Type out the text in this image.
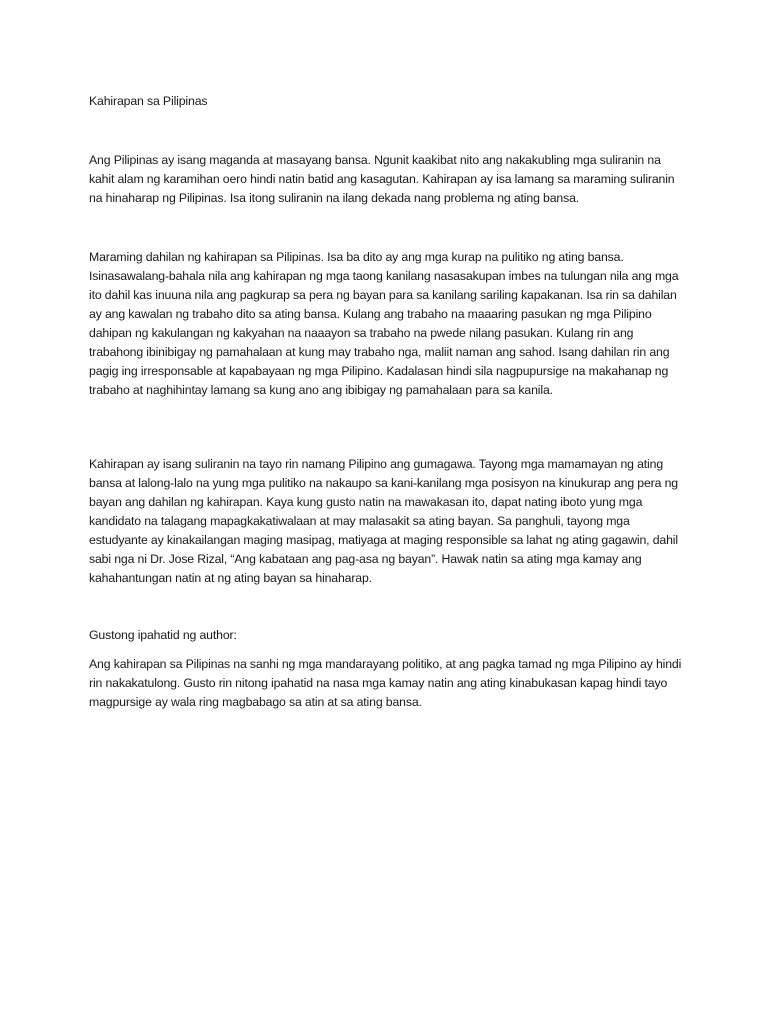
Kahirapan sa Pilipinas

Ang Pilipinas ay isang maganda at masayang bansa. Ngunit kaakibat nito ang nakakubling mga suliranin na kahit alam ng karamihan oero hindi natin batid ang kasagutan. Kahirapan ay isa lamang sa maraming suliranin na hinaharap ng Pilipinas. Isa itong suliranin na ilang dekada nang problema ng ating bansa.

Maraming dahilan ng kahirapan sa Pilipinas. Isa ba dito ay ang mga kurap na pulitiko ng ating bansa. Isinasawalang-bahala nila ang kahirapan ng mga taong kanilang nasasakupan imbes na tulungan nila ang mga ito dahil kas inuuna nila ang pagkurap sa pera ng bayan para sa kanilang sariling kapakanan. Isa rin sa dahilan ay ang kawalan ng trabaho dito sa ating bansa. Kulang ang trabaho na maaaring pasukan ng mga Pilipino dahipan ng kakulangan ng kakyahan na naaayon sa trabaho na pwede nilang pasukan. Kulang rin ang trabahong ibinibigay ng pamahalaan at kung may trabaho nga, maliit naman ang sahod. Isang dahilan rin ang pagig ing irresponsable at kapabayaan ng mga Pilipino. Kadalasan hindi sila nagpupursige na makahanap ng trabaho at naghihintay lamang sa kung ano ang ibibigay ng pamahalaan para sa kanila.

Kahirapan ay isang suliranin na tayo rin namang Pilipino ang gumagawa. Tayong mga mamamayan ng ating bansa at lalong-lalo na yung mga pulitiko na nakaupo sa kani-kanilang mga posisyon na kinukurap ang pera ng bayan ang dahilan ng kahirapan. Kaya kung gusto natin na mawakasan ito, dapat nating iboto yung mga kandidato na talagang mapagkakatiwalaan at may malasakit sa ating bayan. Sa panghuli, tayong mga estudyante ay kinakailangan maging masipag, matiyaga at maging responsible sa lahat ng ating gagawin, dahil sabi nga ni Dr. Jose Rizal, “Ang kabataan ang pag-asa ng bayan”. Hawak natin sa ating mga kamay ang kahahantungan natin at ng ating bayan sa hinaharap.

Gustong ipahatid ng author:

Ang kahirapan sa Pilipinas na sanhi ng mga mandarayang politiko, at ang pagka tamad ng mga Pilipino ay hindi rin nakakatulong. Gusto rin nitong ipahatid na nasa mga kamay natin ang ating kinabukasan kapag hindi tayo magpursige ay wala ring magbabago sa atin at sa ating bansa.
